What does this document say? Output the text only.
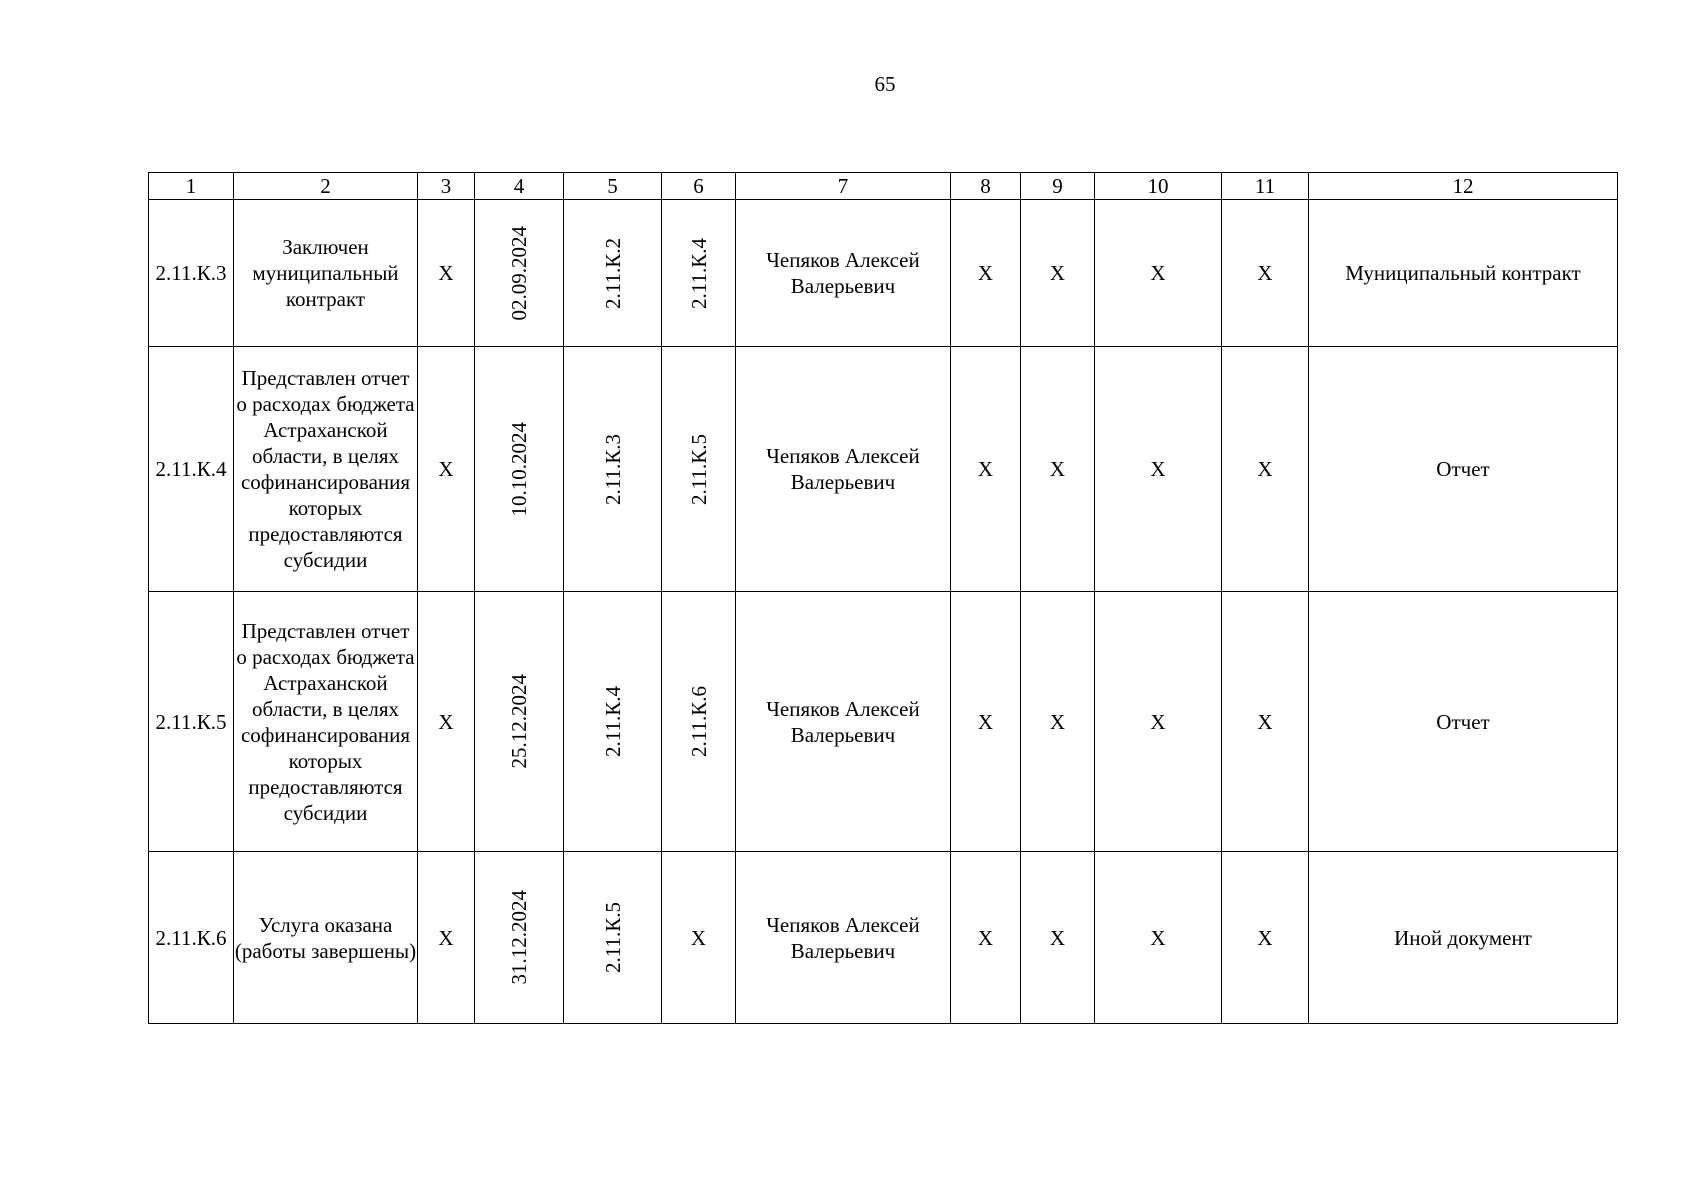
65
1	2	3	4	5	6	7	8	9	10	11	12
2.11.К.3	Заключен муниципальный контракт	X	02.09.2024	2.11.К.2	2.11.К.4	Чепяков Алексей Валерьевич	X	X	X	X	Муниципальный контракт
2.11.К.4	Представлен отчет о расходах бюджета Астраханской области, в целях софинансирования которых предоставляются субсидии	X	10.10.2024	2.11.К.3	2.11.К.5	Чепяков Алексей Валерьевич	X	X	X	X	Отчет
2.11.К.5	Представлен отчет о расходах бюджета Астраханской области, в целях софинансирования которых предоставляются субсидии	X	25.12.2024	2.11.К.4	2.11.К.6	Чепяков Алексей Валерьевич	X	X	X	X	Отчет
2.11.К.6	Услуга оказана (работы завершены)	X	31.12.2024	2.11.К.5	X	Чепяков Алексей Валерьевич	X	X	X	X	Иной документ
